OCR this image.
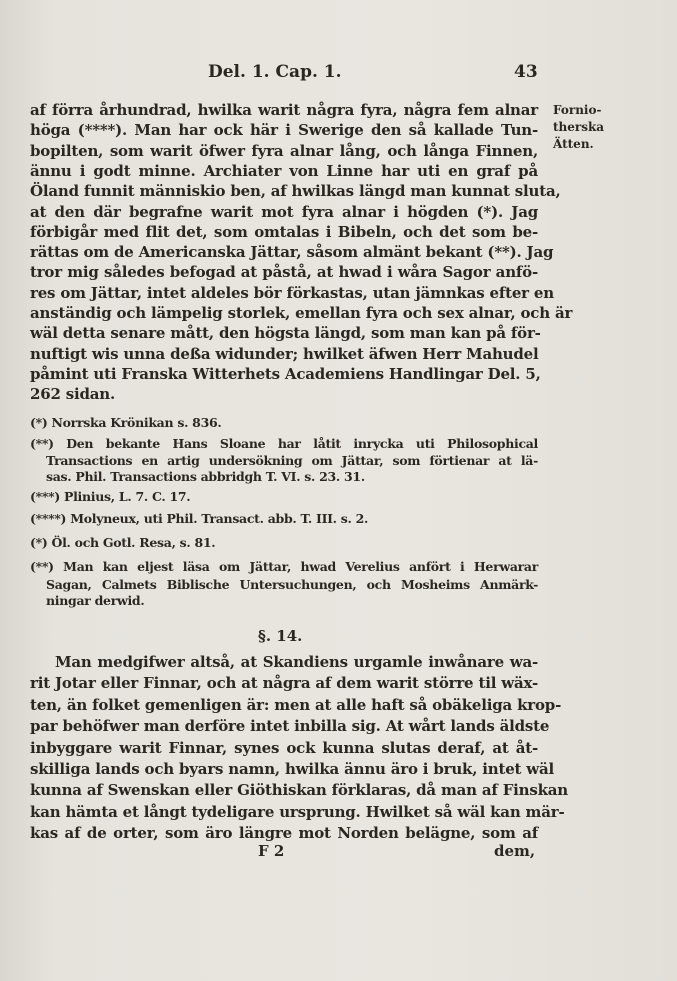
Del. 1. Cap. 1.	43
Fornio-
therska
Ätten.
af förra århundrad, hwilka warit några fyra, några fem alnar
höga (****). Man har ock här i Swerige den så kallade Tun-
bopilten, som warit öfwer fyra alnar lång, och långa Finnen,
ännu i godt minne. Archiater von Linne har uti en graf på
Öland funnit människio ben, af hwilkas längd man kunnat sluta,
at den där begrafne warit mot fyra alnar i högden (*). Jag
förbigår med flit det, som omtalas i Bibeln, och det som be-
rättas om de Americanska Jättar, såsom almänt bekant (**). Jag
tror mig således befogad at påstå, at hwad i wåra Sagor anfö-
res om Jättar, intet aldeles bör förkastas, utan jämnkas efter en
anständig och lämpelig storlek, emellan fyra och sex alnar, och är
wäl detta senare mått, den högsta längd, som man kan på för-
nuftigt wis unna deßa widunder; hwilket äfwen Herr Mahudel
påmint uti Franska Witterhets Academiens Handlingar Del. 5,
262 sidan.
(*) Norrska Krönikan s. 836.
(**) Den bekante Hans Sloane har låtit inrycka uti Philosophical
Transactions en artig undersökning om Jättar, som förtienar at lä-
sas. Phil. Transactions abbridgh T. VI. s. 23. 31.
(***) Plinius, L. 7. C. 17.
(****) Molyneux, uti Phil. Transact. abb. T. III. s. 2.
(*) Öl. och Gotl. Resa, s. 81.
(**) Man kan eljest läsa om Jättar, hwad Verelius anfört i Herwarar
Sagan, Calmets Biblische Untersuchungen, och Mosheims Anmärk-
ningar derwid.
§. 14.
Man medgifwer altså, at Skandiens urgamle inwånare wa-
rit Jotar eller Finnar, och at några af dem warit större til wäx-
ten, än folket gemenligen är: men at alle haft så obäkeliga krop-
par behöfwer man derföre intet inbilla sig. At wårt lands äldste
inbyggare warit Finnar, synes ock kunna slutas deraf, at åt-
skilliga lands och byars namn, hwilka ännu äro i bruk, intet wäl
kunna af Swenskan eller Giöthiskan förklaras, då man af Finskan
kan hämta et långt tydeligare ursprung. Hwilket så wäl kan mär-
kas af de orter, som äro längre mot Norden belägne, som af
F 2	dem,
